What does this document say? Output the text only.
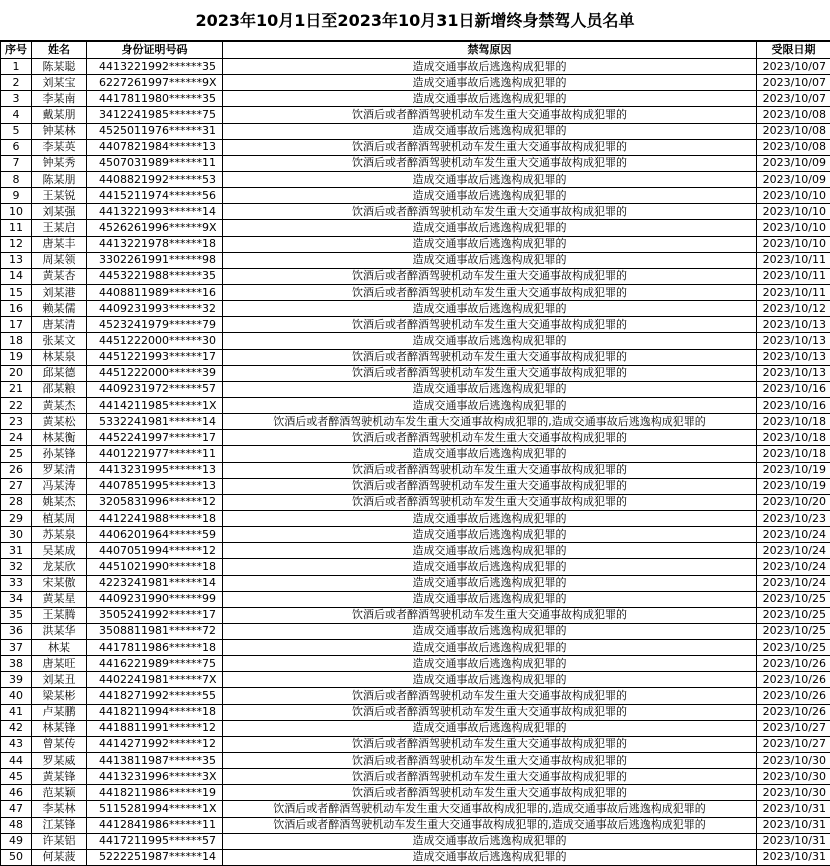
2023年10月1日至2023年10月31日新增终身禁驾人员名单
序号	姓名	身份证明号码	禁驾原因	受限日期
1	陈某聪	4413221992******35	造成交通事故后逃逸构成犯罪的	2023/10/07
2	刘某宝	6227261997******9X	造成交通事故后逃逸构成犯罪的	2023/10/07
3	李某南	4417811980******35	造成交通事故后逃逸构成犯罪的	2023/10/07
4	戴某朋	3412241985******75	饮酒后或者醉酒驾驶机动车发生重大交通事故构成犯罪的	2023/10/08
5	钟某林	4525011976******31	造成交通事故后逃逸构成犯罪的	2023/10/08
6	李某英	4407821984******13	饮酒后或者醉酒驾驶机动车发生重大交通事故构成犯罪的	2023/10/08
7	钟某秀	4507031989******11	饮酒后或者醉酒驾驶机动车发生重大交通事故构成犯罪的	2023/10/09
8	陈某朋	4408821992******53	造成交通事故后逃逸构成犯罪的	2023/10/09
9	王某锐	4415211974******56	造成交通事故后逃逸构成犯罪的	2023/10/10
10	刘某强	4413221993******14	饮酒后或者醉酒驾驶机动车发生重大交通事故构成犯罪的	2023/10/10
11	王某启	4526261996******9X	造成交通事故后逃逸构成犯罪的	2023/10/10
12	唐某丰	4413221978******18	造成交通事故后逃逸构成犯罪的	2023/10/10
13	周某领	3302261991******98	造成交通事故后逃逸构成犯罪的	2023/10/11
14	黄某杏	4453221988******35	饮酒后或者醉酒驾驶机动车发生重大交通事故构成犯罪的	2023/10/11
15	刘某港	4408811989******16	饮酒后或者醉酒驾驶机动车发生重大交通事故构成犯罪的	2023/10/11
16	赖某儒	4409231993******32	造成交通事故后逃逸构成犯罪的	2023/10/12
17	唐某清	4523241979******79	饮酒后或者醉酒驾驶机动车发生重大交通事故构成犯罪的	2023/10/13
18	张某文	4451222000******30	造成交通事故后逃逸构成犯罪的	2023/10/13
19	林某泉	4451221993******17	饮酒后或者醉酒驾驶机动车发生重大交通事故构成犯罪的	2023/10/13
20	邱某德	4451222000******39	饮酒后或者醉酒驾驶机动车发生重大交通事故构成犯罪的	2023/10/13
21	邵某粮	4409231972******57	造成交通事故后逃逸构成犯罪的	2023/10/16
22	黄某杰	4414211985******1X	造成交通事故后逃逸构成犯罪的	2023/10/16
23	黄某松	5332241981******14	饮酒后或者醉酒驾驶机动车发生重大交通事故构成犯罪的,造成交通事故后逃逸构成犯罪的	2023/10/18
24	林某衡	4452241997******17	饮酒后或者醉酒驾驶机动车发生重大交通事故构成犯罪的	2023/10/18
25	孙某锋	4401221977******11	造成交通事故后逃逸构成犯罪的	2023/10/18
26	罗某清	4413231995******13	饮酒后或者醉酒驾驶机动车发生重大交通事故构成犯罪的	2023/10/19
27	冯某涛	4407851995******13	饮酒后或者醉酒驾驶机动车发生重大交通事故构成犯罪的	2023/10/19
28	姚某杰	3205831996******12	饮酒后或者醉酒驾驶机动车发生重大交通事故构成犯罪的	2023/10/20
29	植某周	4412241988******18	造成交通事故后逃逸构成犯罪的	2023/10/23
30	苏某泉	4406201964******59	造成交通事故后逃逸构成犯罪的	2023/10/24
31	吴某成	4407051994******12	造成交通事故后逃逸构成犯罪的	2023/10/24
32	龙某欣	4451021990******18	造成交通事故后逃逸构成犯罪的	2023/10/24
33	宋某傲	4223241981******14	造成交通事故后逃逸构成犯罪的	2023/10/24
34	黄某星	4409231990******99	造成交通事故后逃逸构成犯罪的	2023/10/25
35	王某腾	3505241992******17	饮酒后或者醉酒驾驶机动车发生重大交通事故构成犯罪的	2023/10/25
36	洪某华	3508811981******72	造成交通事故后逃逸构成犯罪的	2023/10/25
37	林某	4417811986******18	造成交通事故后逃逸构成犯罪的	2023/10/25
38	唐某旺	4416221989******75	造成交通事故后逃逸构成犯罪的	2023/10/26
39	刘某丑	4402241981******7X	造成交通事故后逃逸构成犯罪的	2023/10/26
40	梁某彬	4418271992******55	饮酒后或者醉酒驾驶机动车发生重大交通事故构成犯罪的	2023/10/26
41	卢某鹏	4418211994******18	饮酒后或者醉酒驾驶机动车发生重大交通事故构成犯罪的	2023/10/26
42	林某锋	4418811991******12	造成交通事故后逃逸构成犯罪的	2023/10/27
43	曾某传	4414271992******12	饮酒后或者醉酒驾驶机动车发生重大交通事故构成犯罪的	2023/10/27
44	罗某威	4413811987******35	饮酒后或者醉酒驾驶机动车发生重大交通事故构成犯罪的	2023/10/30
45	黄某锋	4413231996******3X	饮酒后或者醉酒驾驶机动车发生重大交通事故构成犯罪的	2023/10/30
46	范某颖	4418211986******19	饮酒后或者醉酒驾驶机动车发生重大交通事故构成犯罪的	2023/10/30
47	李某林	5115281994******1X	饮酒后或者醉酒驾驶机动车发生重大交通事故构成犯罪的,造成交通事故后逃逸构成犯罪的	2023/10/31
48	江某锋	4412841986******11	饮酒后或者醉酒驾驶机动车发生重大交通事故构成犯罪的,造成交通事故后逃逸构成犯罪的	2023/10/31
49	许某铝	4417211995******57	造成交通事故后逃逸构成犯罪的	2023/10/31
50	何某菠	5222251987******14	造成交通事故后逃逸构成犯罪的	2023/10/31
